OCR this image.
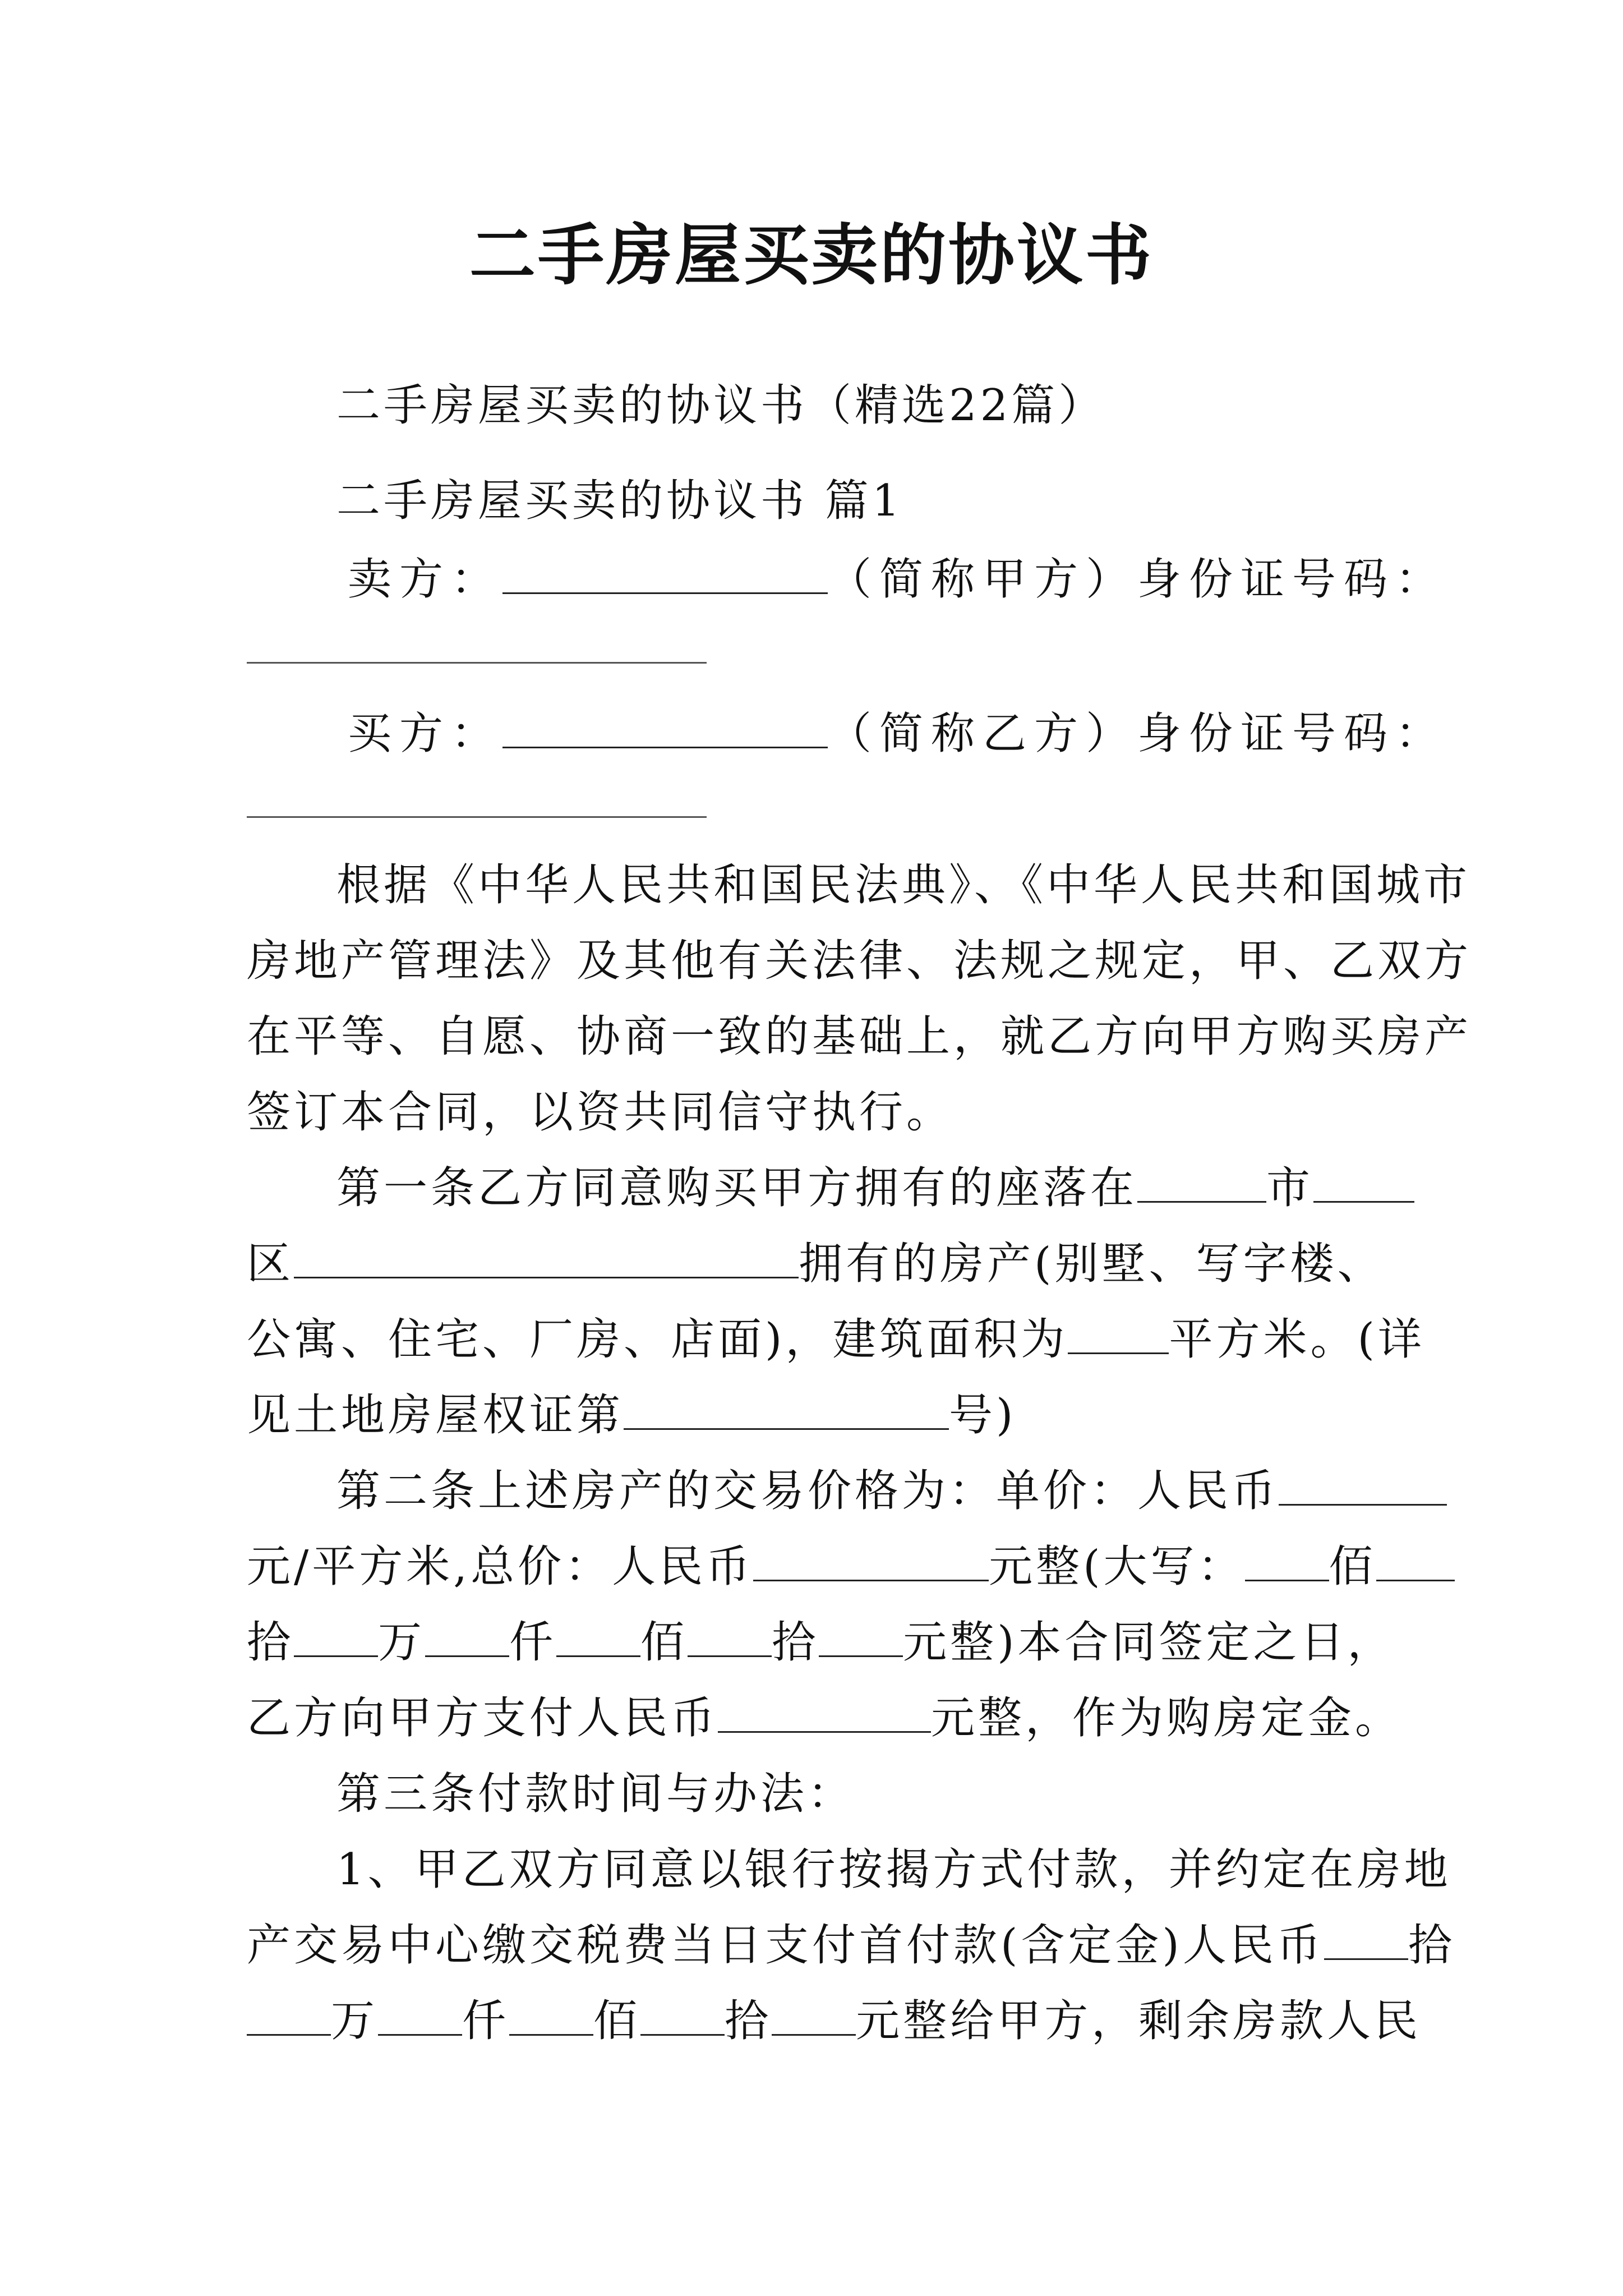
二手房屋买卖的协议书
二手房屋买卖的协议书（精选22篇）
二手房屋买卖的协议书 篇1
卖方：	（简称甲方）身份证号码：
买方：	（简称乙方）身份证号码：
根据《中华人民共和国民法典》、《中华人民共和国城市
房地产管理法》及其他有关法律、法规之规定，甲、乙双方
在平等、自愿、协商一致的基础上，就乙方向甲方购买房产
签订本合同，以资共同信守执行。
第一条乙方同意购买甲方拥有的座落在	市
区	拥有的房产(别墅、写字楼、
公寓、住宅、厂房、店面)，建筑面积为 平方米。(详
见土地房屋权证第	号)
第二条上述房产的交易价格为：单价：人民币
元/平方米,总价：人民币	元整(大写： 佰
拾 万 仟 佰 拾 元整)本合同签定之日，
乙方向甲方支付人民币	元整，作为购房定金。
第三条付款时间与办法：
1、甲乙双方同意以银行按揭方式付款，并约定在房地
产交易中心缴交税费当日支付首付款(含定金)人民币 拾
万 仟 佰 拾 元整给甲方，剩余房款人民
